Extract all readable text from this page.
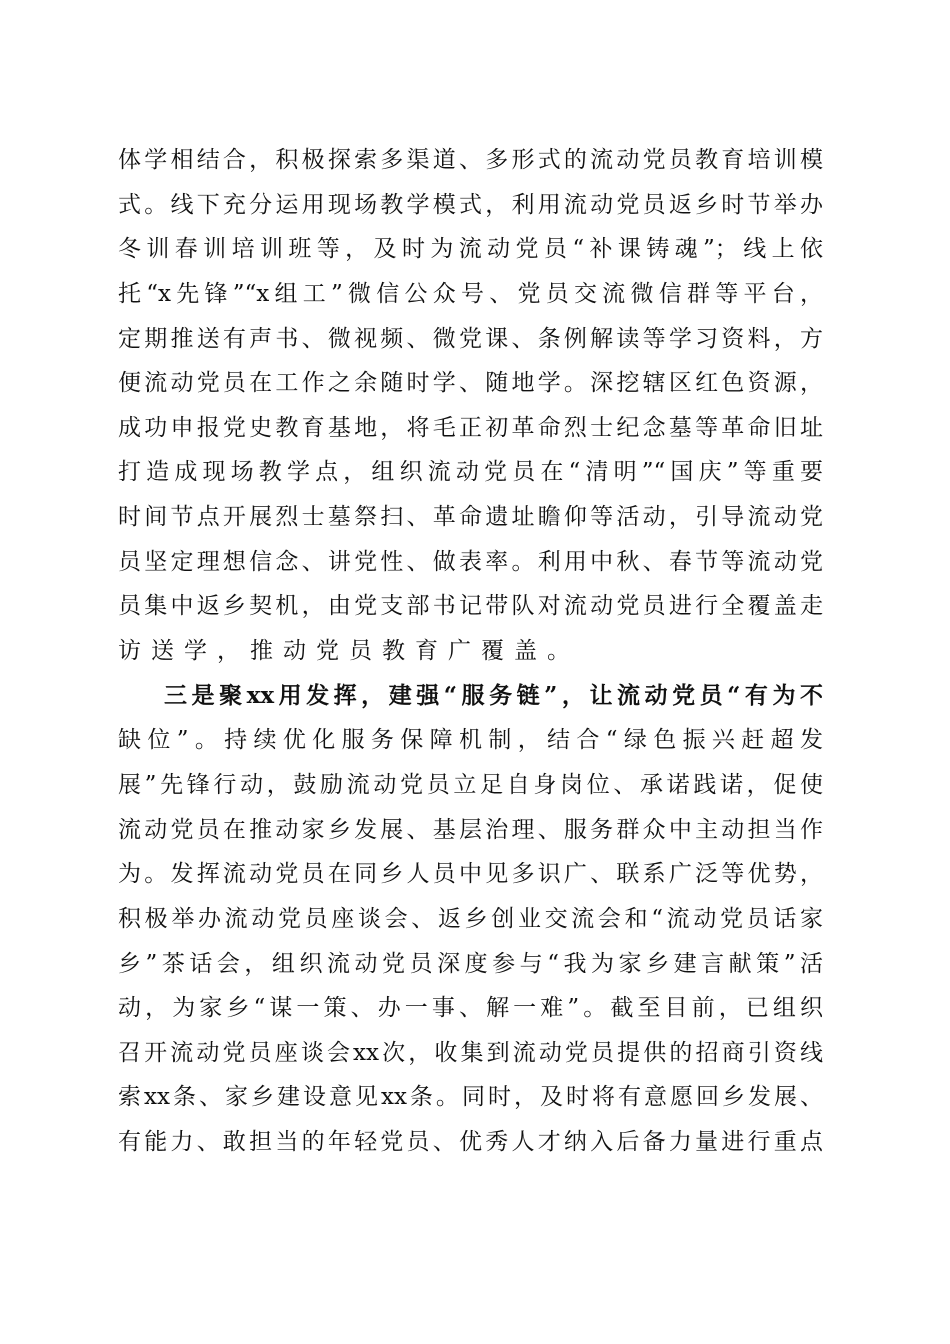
体学相结合，积极探索多渠道、多形式的流动党员教育培训模
式。线下充分运用现场教学模式，利用流动党员返乡时节举办
冬训春训培训班等，及时为流动党员“补课铸魂”；线上依
托“x先锋”“x组工”微信公众号、党员交流微信群等平台，
定期推送有声书、微视频、微党课、条例解读等学习资料，方
便流动党员在工作之余随时学、随地学。深挖辖区红色资源，
成功申报党史教育基地，将毛正初革命烈士纪念墓等革命旧址
打造成现场教学点，组织流动党员在“清明”“国庆”等重要
时间节点开展烈士墓祭扫、革命遗址瞻仰等活动，引导流动党
员坚定理想信念、讲党性、做表率。利用中秋、春节等流动党
员集中返乡契机，由党支部书记带队对流动党员进行全覆盖走
访送学，推动党员教育广覆盖。
三是聚xx用发挥，建强“服务链”，让流动党员“有为不
缺位”。持续优化服务保障机制，结合“绿色振兴赶超发
展”先锋行动，鼓励流动党员立足自身岗位、承诺践诺，促使
流动党员在推动家乡发展、基层治理、服务群众中主动担当作
为。发挥流动党员在同乡人员中见多识广、联系广泛等优势，
积极举办流动党员座谈会、返乡创业交流会和“流动党员话家
乡”茶话会，组织流动党员深度参与“我为家乡建言献策”活
动，为家乡“谋一策、办一事、解一难”。截至目前，已组织
召开流动党员座谈会xx次，收集到流动党员提供的招商引资线
索xx条、家乡建设意见xx条。同时，及时将有意愿回乡发展、
有能力、敢担当的年轻党员、优秀人才纳入后备力量进行重点
